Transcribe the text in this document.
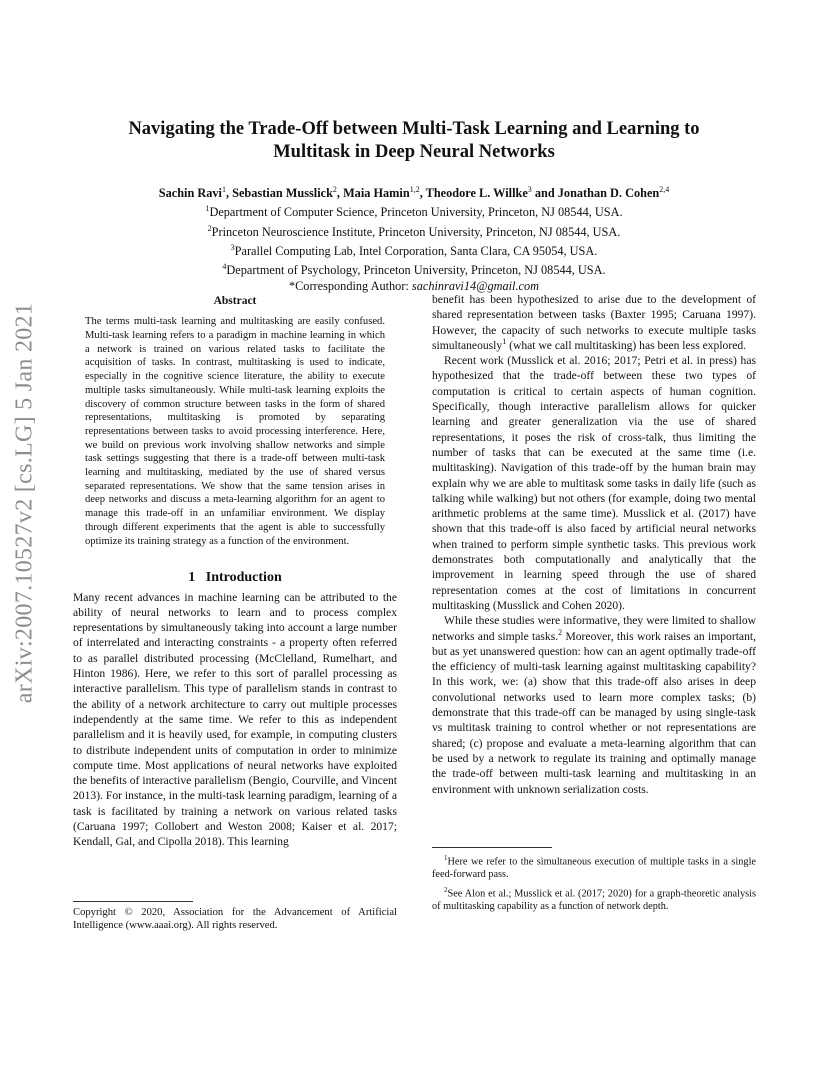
arXiv:2007.10527v2 [cs.LG] 5 Jan 2021
Navigating the Trade-Off between Multi-Task Learning and Learning to Multitask in Deep Neural Networks
Sachin Ravi$^1$, Sebastian Musslick$^2$, Maia Hamin$^{1,2}$, Theodore L. Willke$^3$ and Jonathan D. Cohen$^{2,4}$
$^1$Department of Computer Science, Princeton University, Princeton, NJ 08544, USA.
$^2$Princeton Neuroscience Institute, Princeton University, Princeton, NJ 08544, USA.
$^3$Parallel Computing Lab, Intel Corporation, Santa Clara, CA 95054, USA.
$^4$Department of Psychology, Princeton University, Princeton, NJ 08544, USA.
*Corresponding Author: sachinravi14@gmail.com
Abstract

The terms multi-task learning and multitasking are easily confused. Multi-task learning refers to a paradigm in machine learning in which a network is trained on various related tasks to facilitate the acquisition of tasks. In contrast, multitasking is used to indicate, especially in the cognitive science literature, the ability to execute multiple tasks simultaneously. While multi-task learning exploits the discovery of common structure between tasks in the form of shared representations, multitasking is promoted by separating representations between tasks to avoid processing interference. Here, we build on previous work involving shallow networks and simple task settings suggesting that there is a trade-off between multi-task learning and multitasking, mediated by the use of shared versus separated representations. We show that the same tension arises in deep networks and discuss a meta-learning algorithm for an agent to manage this trade-off in an unfamiliar environment. We display through different experiments that the agent is able to successfully optimize its training strategy as a function of the environment.

1   Introduction

Many recent advances in machine learning can be attributed to the ability of neural networks to learn and to process complex representations by simultaneously taking into account a large number of interrelated and interacting constraints - a property often referred to as parallel distributed processing (McClelland, Rumelhart, and Hinton 1986). Here, we refer to this sort of parallel processing as interactive parallelism. This type of parallelism stands in contrast to the ability of a network architecture to carry out multiple processes independently at the same time. We refer to this as independent parallelism and it is heavily used, for example, in computing clusters to distribute independent units of computation in order to minimize compute time. Most applications of neural networks have exploited the benefits of interactive parallelism (Bengio, Courville, and Vincent 2013). For instance, in the multi-task learning paradigm, learning of a task is facilitated by training a network on various related tasks (Caruana 1997; Collobert and Weston 2008; Kaiser et al. 2017; Kendall, Gal, and Cipolla 2018). This learning

Copyright © 2020, Association for the Advancement of Artificial Intelligence (www.aaai.org). All rights reserved.

benefit has been hypothesized to arise due to the development of shared representation between tasks (Baxter 1995; Caruana 1997). However, the capacity of such networks to execute multiple tasks simultaneously$^1$ (what we call multitasking) has been less explored.

Recent work (Musslick et al. 2016; 2017; Petri et al. in press) has hypothesized that the trade-off between these two types of computation is critical to certain aspects of human cognition. Specifically, though interactive parallelism allows for quicker learning and greater generalization via the use of shared representations, it poses the risk of cross-talk, thus limiting the number of tasks that can be executed at the same time (i.e. multitasking). Navigation of this trade-off by the human brain may explain why we are able to multitask some tasks in daily life (such as talking while walking) but not others (for example, doing two mental arithmetic problems at the same time). Musslick et al. (2017) have shown that this trade-off is also faced by artificial neural networks when trained to perform simple synthetic tasks. This previous work demonstrates both computationally and analytically that the improvement in learning speed through the use of shared representation comes at the cost of limitations in concurrent multitasking (Musslick and Cohen 2020).

While these studies were informative, they were limited to shallow networks and simple tasks.$^2$ Moreover, this work raises an important, but as yet unanswered question: how can an agent optimally trade-off the efficiency of multi-task learning against multitasking capability? In this work, we: (a) show that this trade-off also arises in deep convolutional networks used to learn more complex tasks; (b) demonstrate that this trade-off can be managed by using single-task vs multitask training to control whether or not representations are shared; (c) propose and evaluate a meta-learning algorithm that can be used by a network to regulate its training and optimally manage the trade-off between multi-task learning and multitasking in an environment with unknown serialization costs.

$^1$Here we refer to the simultaneous execution of multiple tasks in a single feed-forward pass.

$^2$See Alon et al.; Musslick et al. (2017; 2020) for a graph-theoretic analysis of multitasking capability as a function of network depth.
